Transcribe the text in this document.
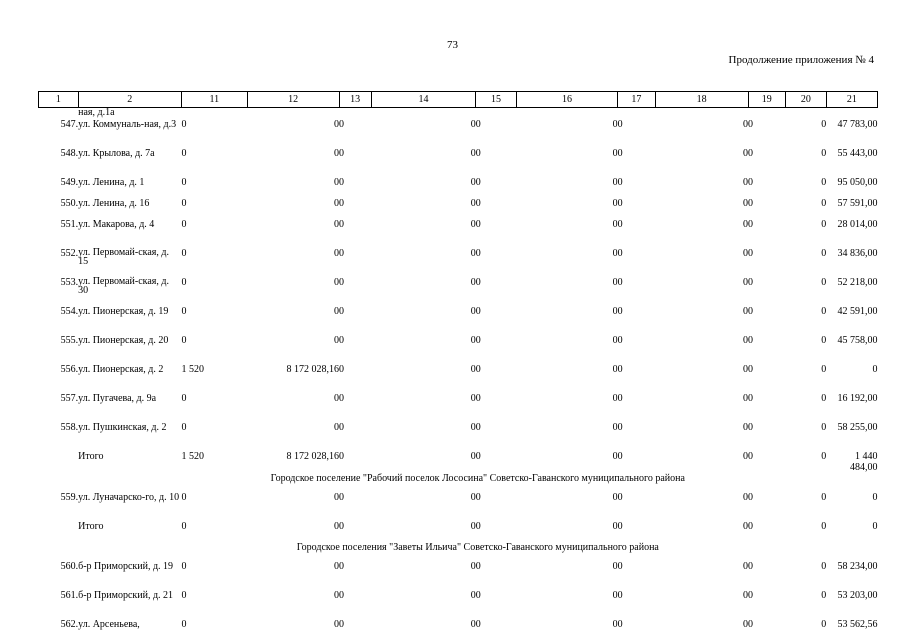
73
Продолжение приложения № 4
1	2	11	12	13	14	15	16	17	18	19	20	21
	ная, д.1а											
547.	ул. Коммуналь-ная, д.3	0	0	0	0	0	0	0	0	0	0	47 783,00
548.	ул. Крылова, д. 7а	0	0	0	0	0	0	0	0	0	0	55 443,00
549.	ул. Ленина, д. 1	0	0	0	0	0	0	0	0	0	0	95 050,00
550.	ул. Ленина, д. 16	0	0	0	0	0	0	0	0	0	0	57 591,00
551.	ул. Макарова, д. 4	0	0	0	0	0	0	0	0	0	0	28 014,00
552.	ул. Первомай-ская, д. 15	0	0	0	0	0	0	0	0	0	0	34 836,00
553.	ул. Первомай-ская, д. 30	0	0	0	0	0	0	0	0	0	0	52 218,00
554.	ул. Пионерская, д. 19	0	0	0	0	0	0	0	0	0	0	42 591,00
555.	ул. Пионерская, д. 20	0	0	0	0	0	0	0	0	0	0	45 758,00
556.	ул. Пионерская, д. 2	1 520	8 172 028,16	0	0	0	0	0	0	0	0	0
557.	ул. Пугачева, д. 9а	0	0	0	0	0	0	0	0	0	0	16 192,00
558.	ул. Пушкинская, д. 2	0	0	0	0	0	0	0	0	0	0	58 255,00
	Итого	1 520	8 172 028,16	0	0	0	0	0	0	0	0	1 440 484,00
	Городское поселение "Рабочий поселок Лососина" Советско-Гаванского муниципального района											
559.	ул. Луначарско-го, д. 10	0	0	0	0	0	0	0	0	0	0	0
	Итого	0	0	0	0	0	0	0	0	0	0	0
	Городское поселения "Заветы Ильича" Советско-Гаванского муниципального района											
560.	б-р Приморский, д. 19	0	0	0	0	0	0	0	0	0	0	58 234,00
561.	б-р Приморский, д. 21	0	0	0	0	0	0	0	0	0	0	53 203,00
562.	ул. Арсеньева,	0	0	0	0	0	0	0	0	0	0	53 562,56
